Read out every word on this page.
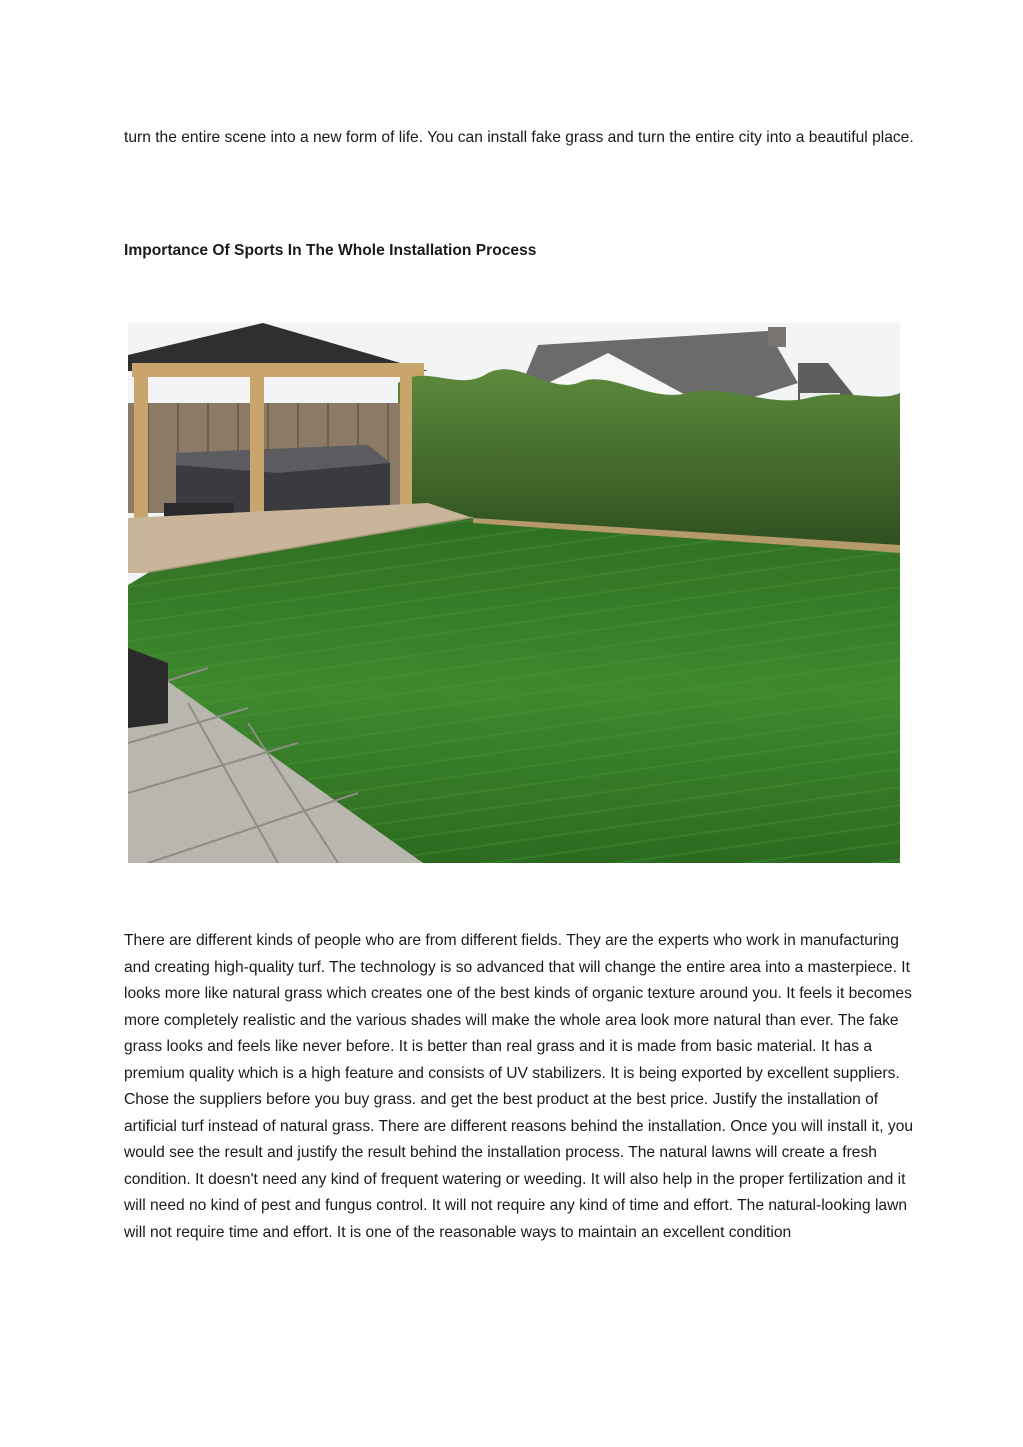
turn the entire scene into a new form of life. You can install fake grass and turn the entire city into a beautiful place.

Importance Of Sports In The Whole Installation Process

There are different kinds of people who are from different fields. They are the experts who work in manufacturing and creating high-quality turf. The technology is so advanced that will change the entire area into a masterpiece. It looks more like natural grass which creates one of the best kinds of organic texture around you. It feels it becomes more completely realistic and the various shades will make the whole area look more natural than ever. The fake grass looks and feels like never before. It is better than real grass and it is made from basic material. It has a premium quality which is a high feature and consists of UV stabilizers. It is being exported by excellent suppliers. Chose the suppliers before you buy grass. and get the best product at the best price. Justify the installation of artificial turf instead of natural grass. There are different reasons behind the installation. Once you will install it, you would see the result and justify the result behind the installation process. The natural lawns will create a fresh condition. It doesn't need any kind of frequent watering or weeding. It will also help in the proper fertilization and it will need no kind of pest and fungus control. It will not require any kind of time and effort. The natural-looking lawn will not require time and effort. It is one of the reasonable ways to maintain an excellent condition
